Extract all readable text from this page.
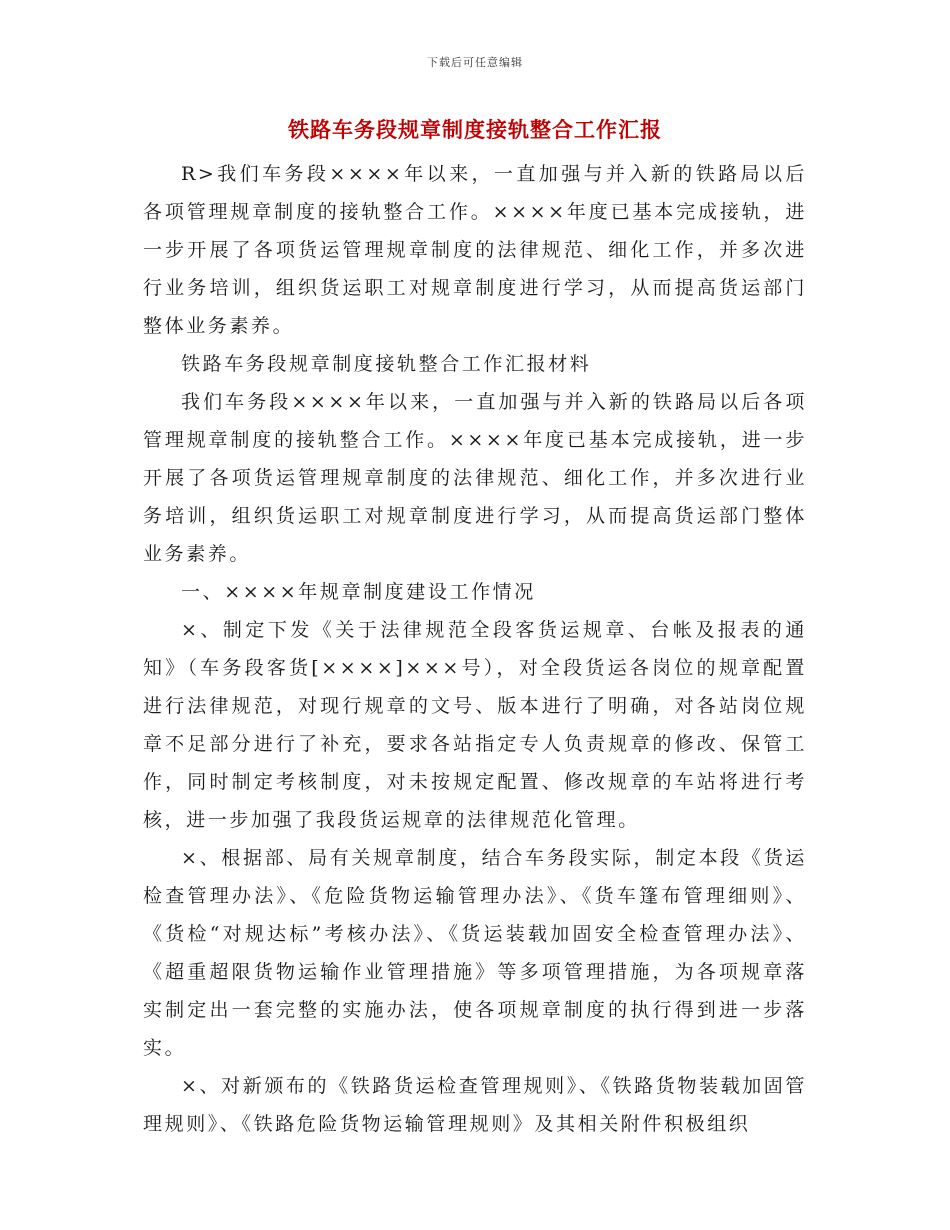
下载后可任意编辑
铁路车务段规章制度接轨整合工作汇报

R>我们车务段××××年以来，一直加强与并入新的铁路局以后各项管理规章制度的接轨整合工作。××××年度已基本完成接轨，进一步开展了各项货运管理规章制度的法律规范、细化工作，并多次进行业务培训，组织货运职工对规章制度进行学习，从而提高货运部门整体业务素养。

铁路车务段规章制度接轨整合工作汇报材料

我们车务段××××年以来，一直加强与并入新的铁路局以后各项管理规章制度的接轨整合工作。××××年度已基本完成接轨，进一步开展了各项货运管理规章制度的法律规范、细化工作，并多次进行业务培训，组织货运职工对规章制度进行学习，从而提高货运部门整体业务素养。

一、××××年规章制度建设工作情况

×、制定下发《关于法律规范全段客货运规章、台帐及报表的通知》（车务段客货[××××]×××号），对全段货运各岗位的规章配置进行法律规范，对现行规章的文号、版本进行了明确，对各站岗位规章不足部分进行了补充，要求各站指定专人负责规章的修改、保管工作，同时制定考核制度，对未按规定配置、修改规章的车站将进行考核，进一步加强了我段货运规章的法律规范化管理。

×、根据部、局有关规章制度，结合车务段实际，制定本段《货运检查管理办法》、《危险货物运输管理办法》、《货车篷布管理细则》、《货检“对规达标”考核办法》、《货运装载加固安全检查管理办法》、《超重超限货物运输作业管理措施》等多项管理措施，为各项规章落实制定出一套完整的实施办法，使各项规章制度的执行得到进一步落实。

×、对新颁布的《铁路货运检查管理规则》、《铁路货物装载加固管理规则》、《铁路危险货物运输管理规则》及其相关附件积极组织
